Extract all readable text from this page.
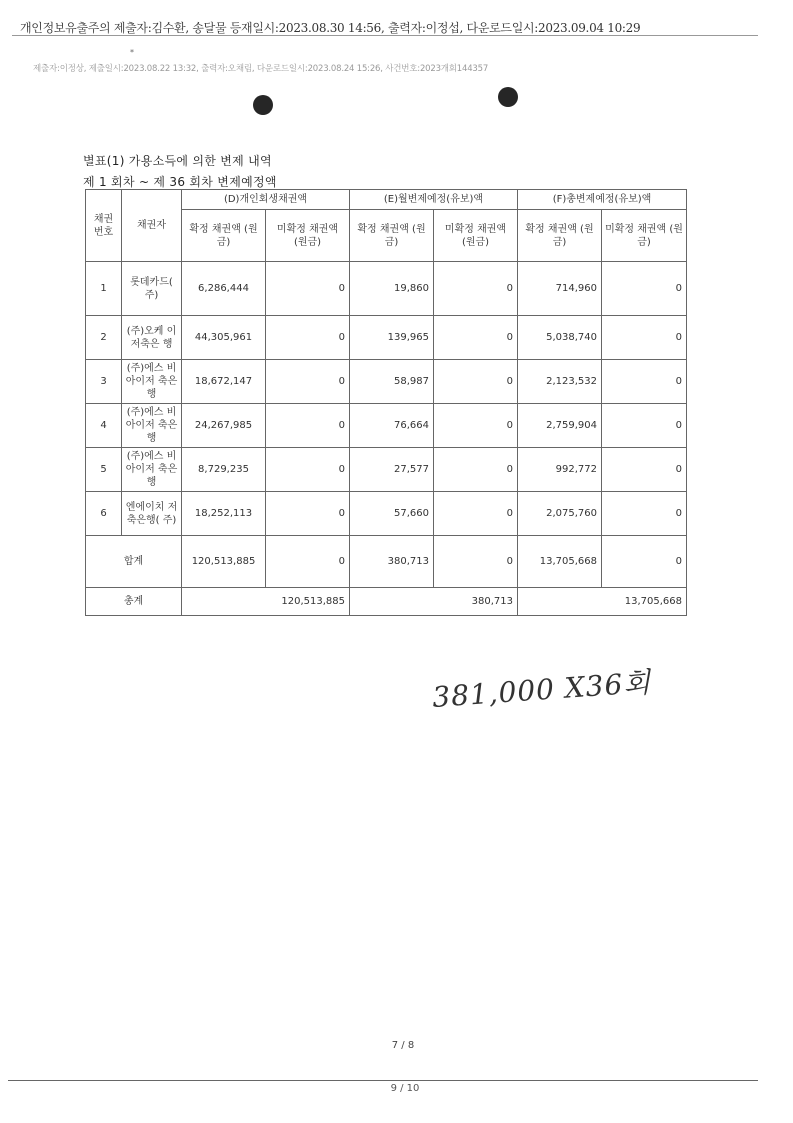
개인정보유출주의 제출자:김수환, 송달물 등재일시:2023.08.30 14:56, 출력자:이정섭, 다운로드일시:2023.09.04 10:29
*
제출자:이정상, 제출일시:2023.08.22 13:32, 출력자:오채림, 다운로드일시:2023.08.24 15:26, 사건번호:2023개회144357
별표(1) 가용소득에 의한 변제 내역
제 1 회차 ~ 제 36 회차 변제예정액
채권 번호	채권자	(D)개인회생채권액		(E)월변제예정(유보)액		(F)총변제예정(유보)액	
		확정 채권액 (원금)	미확정 채권액 (원금)	확정 채권액 (원금)	미확정 채권액 (원금)	확정 채권액 (원금)	미확정 채권액 (원금)
1	롯데카드( 주)	6,286,444	0	19,860	0	714,960	0
2	(주)오케 이저축은 행	44,305,961	0	139,965	0	5,038,740	0
3	(주)에스 비아이저 축은행	18,672,147	0	58,987	0	2,123,532	0
4	(주)에스 비아이저 축은행	24,267,985	0	76,664	0	2,759,904	0
5	(주)에스 비아이저 축은행	8,729,235	0	27,577	0	992,772	0
6	엔에이치 저축은행( 주)	18,252,113	0	57,660	0	2,075,760	0
합계		120,513,885	0	380,713	0	13,705,668	0
총계		120,513,885		380,713		13,705,668	
381,000 X36회
7 / 8
9 / 10
